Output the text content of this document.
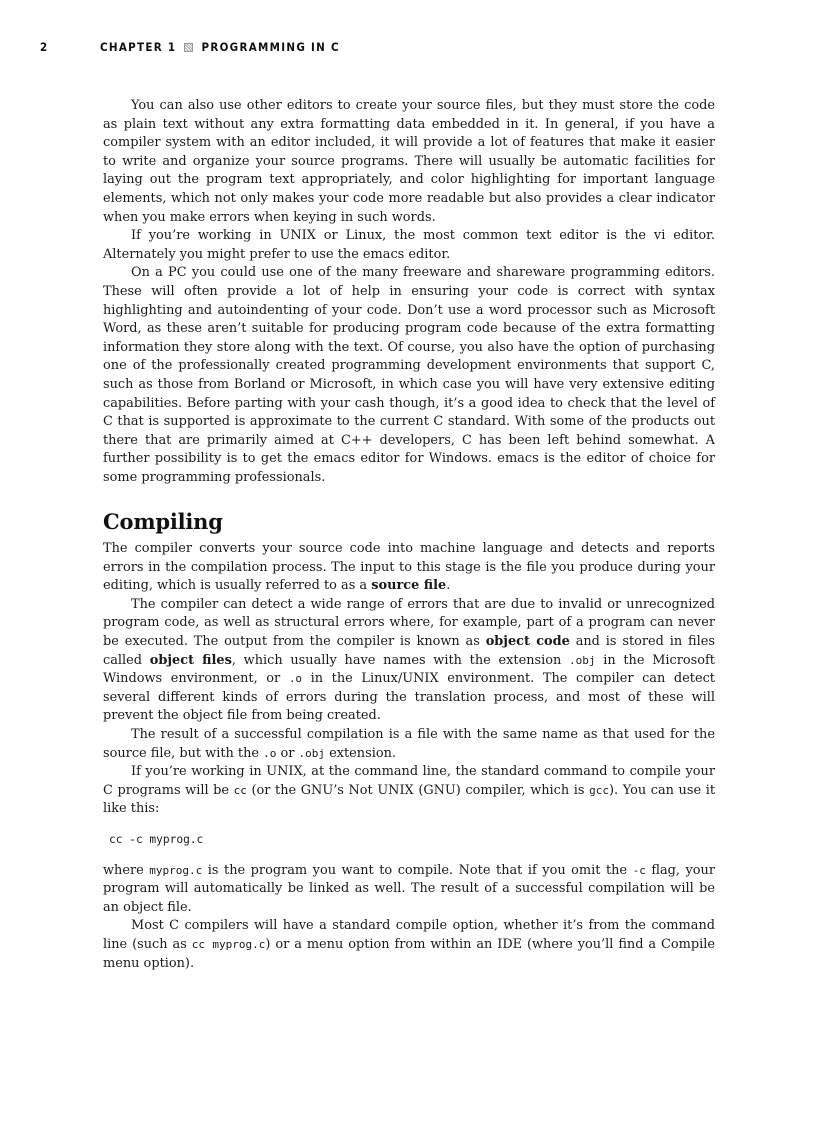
2	CHAPTER 1 PROGRAMMING IN C

You can also use other editors to create your source files, but they must store the code as plain text without any extra formatting data embedded in it. In general, if you have a compiler system with an editor included, it will provide a lot of features that make it easier to write and organize your source programs. There will usually be automatic facilities for laying out the program text appropriately, and color highlighting for important language elements, which not only makes your code more readable but also provides a clear indicator when you make errors when keying in such words.

If you’re working in UNIX or Linux, the most common text editor is the vi editor. Alternately you might prefer to use the emacs editor.

On a PC you could use one of the many freeware and shareware programming editors. These will often provide a lot of help in ensuring your code is correct with syntax highlighting and autoindenting of your code. Don’t use a word processor such as Microsoft Word, as these aren’t suitable for producing program code because of the extra formatting information they store along with the text. Of course, you also have the option of purchasing one of the professionally created programming development environments that support C, such as those from Borland or Microsoft, in which case you will have very extensive editing capabilities. Before parting with your cash though, it’s a good idea to check that the level of C that is supported is approximate to the current C standard. With some of the products out there that are primarily aimed at C++ developers, C has been left behind somewhat. A further possibility is to get the emacs editor for Windows. emacs is the editor of choice for some programming professionals.

Compiling

The compiler converts your source code into machine language and detects and reports errors in the compilation process. The input to this stage is the file you produce during your editing, which is usually referred to as a source file.

The compiler can detect a wide range of errors that are due to invalid or unrecognized program code, as well as structural errors where, for example, part of a program can never be executed. The output from the compiler is known as object code and is stored in files called object files, which usually have names with the extension .obj in the Microsoft Windows environment, or .o in the Linux/UNIX environment. The compiler can detect several different kinds of errors during the translation process, and most of these will prevent the object file from being created.

The result of a successful compilation is a file with the same name as that used for the source file, but with the .o or .obj extension.

If you’re working in UNIX, at the command line, the standard command to compile your C programs will be cc (or the GNU’s Not UNIX (GNU) compiler, which is gcc). You can use it like this:

cc -c myprog.c

where myprog.c is the program you want to compile. Note that if you omit the -c flag, your program will automatically be linked as well. The result of a successful compilation will be an object file.

Most C compilers will have a standard compile option, whether it’s from the command line (such as cc myprog.c) or a menu option from within an IDE (where you’ll find a Compile menu option).
